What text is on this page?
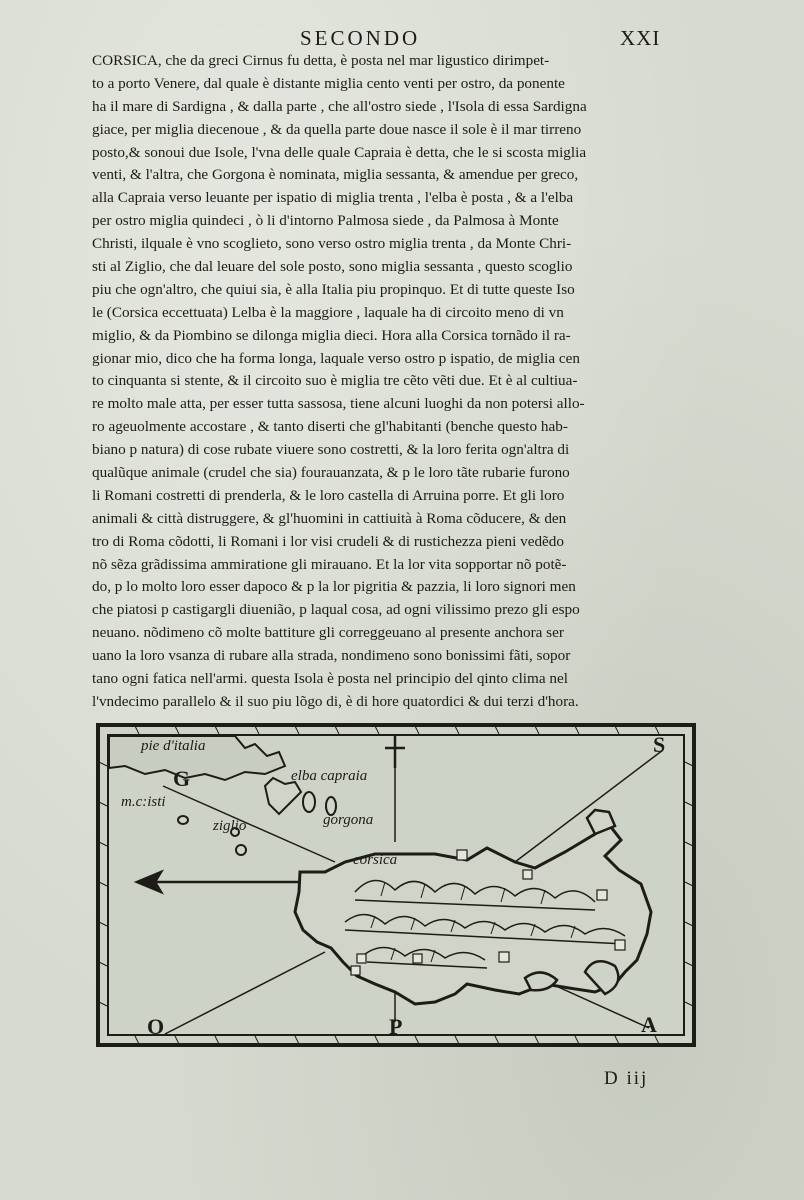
SECONDO	XXI
CORSICA, che da greci Cirnus fu detta, è posta nel mar ligustico dirimpet-
to a porto Venere, dal quale è distante miglia cento venti per ostro, da ponente
ha il mare di Sardigna , & dalla parte , che all'ostro siede , l'Isola di essa Sardigna
giace, per miglia diecenoue , & da quella parte doue nasce il sole è il mar tirreno
posto,& sonoui due Isole, l'vna delle quale Capraia è detta, che le si scosta miglia
venti, & l'altra, che Gorgona è nominata, miglia sessanta, & amendue per greco,
alla Capraia verso leuante per ispatio di miglia trenta , l'elba è posta , & a l'elba
per ostro miglia quindeci , ò li d'intorno Palmosa siede , da Palmosa à Monte
Christi, ilquale è vno scoglieto, sono verso ostro miglia trenta , da Monte Chri-
sti al Ziglio, che dal leuare del sole posto, sono miglia sessanta , questo scoglio
piu che ogn'altro, che quiui sia, è alla Italia piu propinquo. Et di tutte queste Iso
le (Corsica eccettuata) Lelba è la maggiore , laquale ha di circoito meno di vn
miglio, & da Piombino se dilonga miglia dieci. Hora alla Corsica tornãdo il ra-
gionar mio, dico che ha forma longa, laquale verso ostro p ispatio, de miglia cen
to cinquanta si stente, & il circoito suo è miglia tre cẽto vẽti due. Et è al cultiua-
re molto male atta, per esser tutta sassosa, tiene alcuni luoghi da non potersi allo-
ro ageuolmente accostare , & tanto diserti che gl'habitanti (benche questo hab-
biano p natura) di cose rubate viuere sono costretti, & la loro ferita ogn'altra di
qualũque animale (crudel che sia) fourauanzata, & p le loro tãte rubarie furono
li Romani costretti di prenderla, & le loro castella di Arruina porre. Et gli loro
animali & città distruggere, & gl'huomini in cattiuità à Roma cõducere, & den
tro di Roma cõdotti, li Romani i lor visi crudeli & di rustichezza pieni vedẽdo
nõ sẽza grãdissima ammiratione gli mirauano. Et la lor vita sopportar nõ potẽ-
do, p lo molto loro esser dapoco & p la lor pigritia & pazzia, li loro signori men
che piatosi p castigargli diuenião, p laqual cosa, ad ogni vilissimo prezo gli espo
neuano. nõdimeno cõ molte battiture gli correggeuano al presente anchora ser
uano la loro vsanza di rubare alla strada, nondimeno sono bonissimi fãti, sopor
tano ogni fatica nell'armi. questa Isola è posta nel principio del qinto clima nel
l'vndecimo parallelo & il suo piu lõgo di, è di hore quatordici & dui terzi d'hora.
pie d'italia
elba capraia
m.c:isti
ziglio	gorgona
corsica
G
S
O	P	A
D iij
